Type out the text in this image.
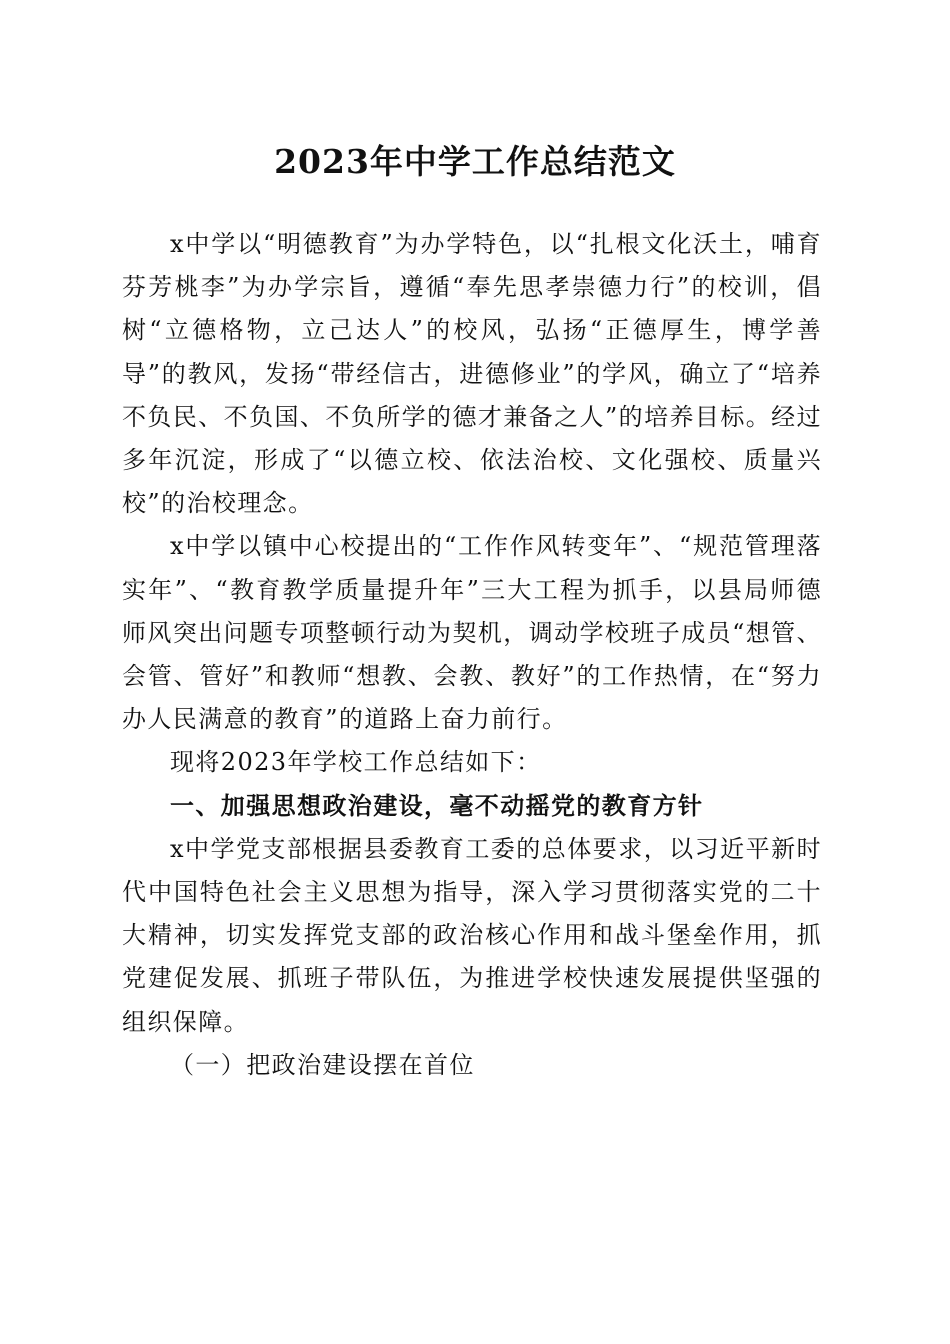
2023年中学工作总结范文

x中学以“明德教育”为办学特色，以“扎根文化沃土，哺育芬芳桃李”为办学宗旨，遵循“奉先思孝崇德力行”的校训，倡树“立德格物，立己达人”的校风，弘扬“正德厚生，博学善导”的教风，发扬“带经信古，进德修业”的学风，确立了“培养不负民、不负国、不负所学的德才兼备之人”的培养目标。经过多年沉淀，形成了“以德立校、依法治校、文化强校、质量兴校”的治校理念。

x中学以镇中心校提出的“工作作风转变年”、“规范管理落实年”、“教育教学质量提升年”三大工程为抓手，以县局师德师风突出问题专项整顿行动为契机，调动学校班子成员“想管、会管、管好”和教师“想教、会教、教好”的工作热情，在“努力办人民满意的教育”的道路上奋力前行。

现将2023年学校工作总结如下：

一、加强思想政治建设，毫不动摇党的教育方针

x中学党支部根据县委教育工委的总体要求，以习近平新时代中国特色社会主义思想为指导，深入学习贯彻落实党的二十大精神，切实发挥党支部的政治核心作用和战斗堡垒作用，抓党建促发展、抓班子带队伍，为推进学校快速发展提供坚强的组织保障。

（一）把政治建设摆在首位
